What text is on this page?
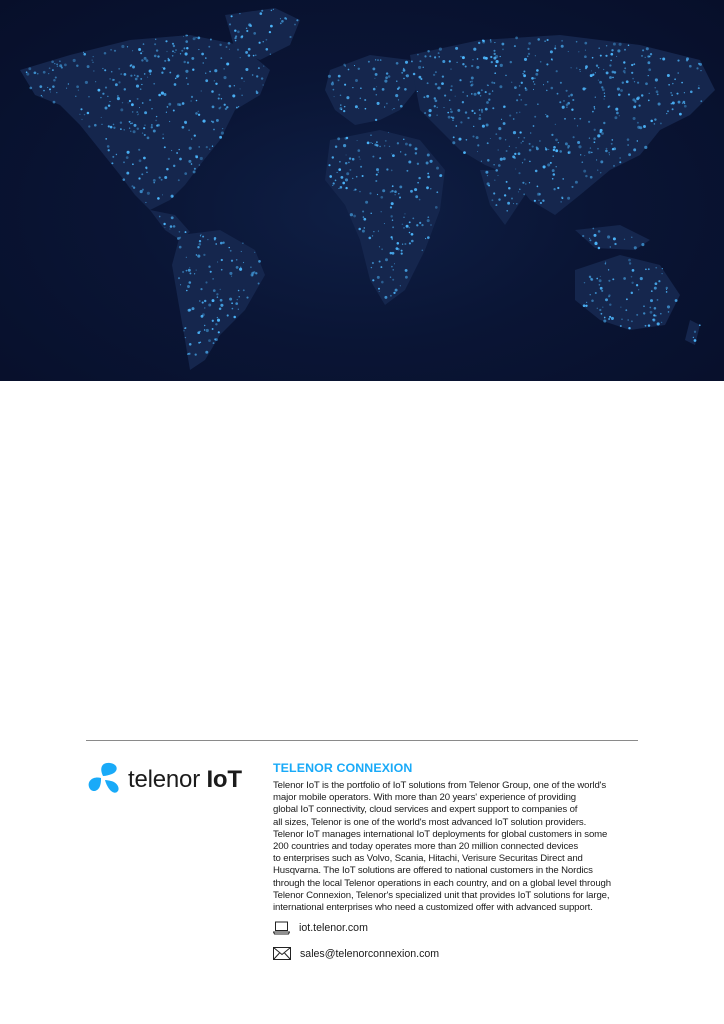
telenor IoT	TELENOR CONNEXION
Telenor IoT is the portfolio of IoT solutions from Telenor Group, one of the world's
major mobile operators. With more than 20 years' experience of providing
global IoT connectivity, cloud services and expert support to companies of
all sizes, Telenor is one of the world's most advanced IoT solution providers.
Telenor IoT manages international IoT deployments for global customers in some
200 countries and today operates more than 20 million connected devices
to enterprises such as Volvo, Scania, Hitachi, Verisure Securitas Direct and
Husqvarna. The IoT solutions are offered to national customers in the Nordics
through the local Telenor operations in each country, and on a global level through
Telenor Connexion, Telenor's specialized unit that provides IoT solutions for large,
international enterprises who need a customized offer with advanced support.
iot.telenor.com
sales@telenorconnexion.com
